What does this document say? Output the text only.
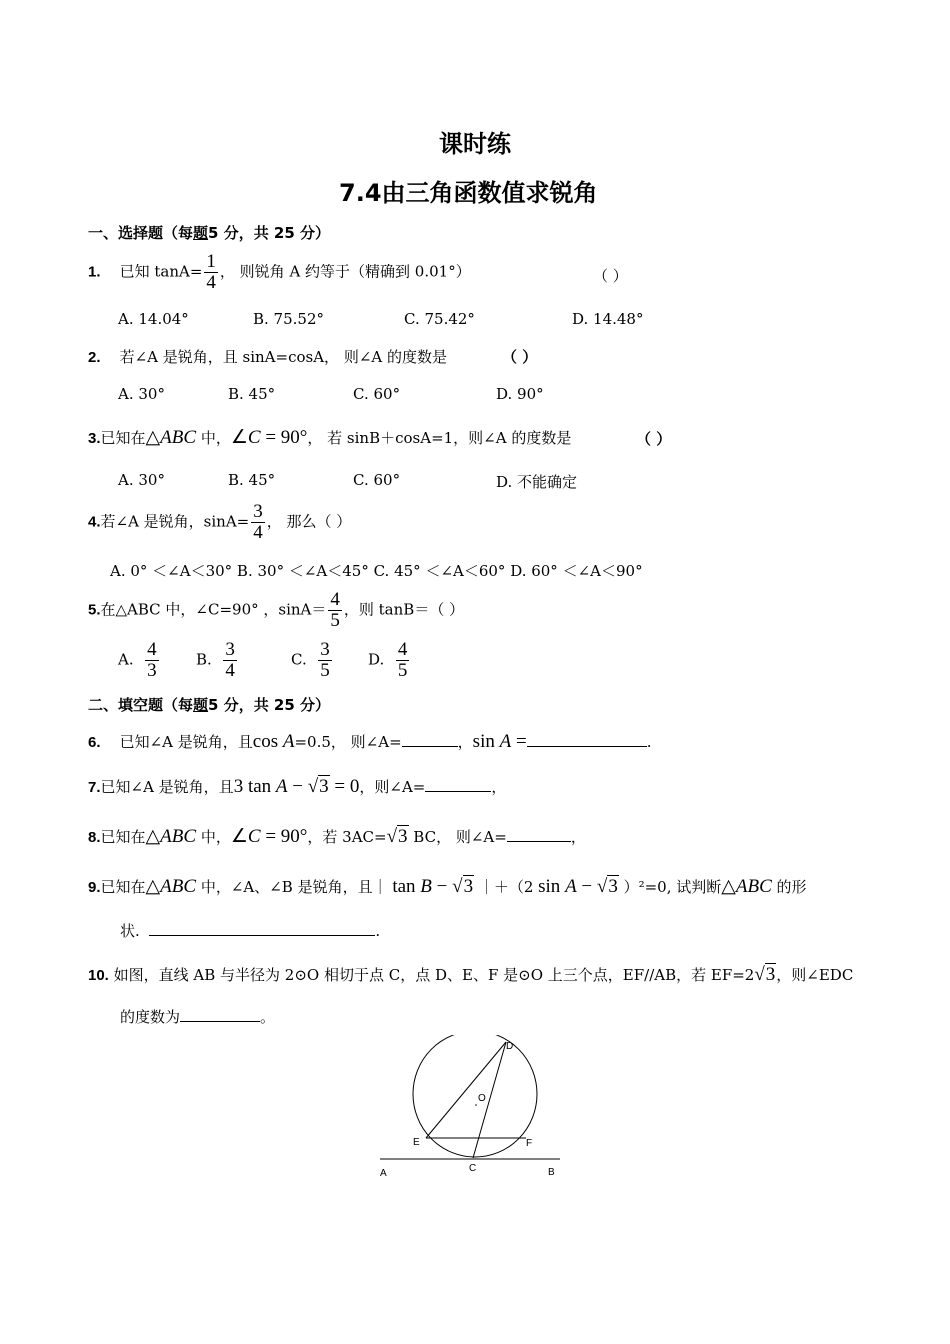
课时练
7.4由三角函数值求锐角
一、选择题（每题5 分，共 25 分）
1. 已知 $\tan A= \frac{1}{4}$ ， 则锐角 A 约等于（精确到 0.01°）	（ ）
A. 14.04°	B. 75.52°	C. 75.42°	D. 14.48°
2. 若∠A 是锐角，且 sinA=cosA， 则∠A 的度数是	（ ）
A. 30°	B. 45°	C. 60°	D. 90°
3.已知在△ABC 中，∠C = 90°， 若 sinB＋cosA=1，则∠A 的度数是	（ ）
A. 30°	B. 45°	C. 60°	D. 不能确定
4.若∠A 是锐角，$\sin A= \frac{3}{4}$ ， 那么（ ）
A. 0° ＜∠A＜30° B. 30° ＜∠A＜45° C. 45° ＜∠A＜60° D. 60° ＜∠A＜90°
5.在△ABC 中，∠C=90° ，$\sin A= \frac{4}{5}$ ，则 tanB＝（ ）
A. $\frac{4}{3} B$. $\frac{3}{4}$	C. $\frac{3}{5} D$. $\frac{4}{5}$
二、填空题（每题5 分，共 25 分）
6. 已知∠A 是锐角，且cos A=0.5， 则∠A=	，sin A =	.
7.已知∠A 是锐角，且3 tan A − √3 = 0，则∠A=	，
8.已知在△ABC 中，∠C = 90°，若 3AC=√3 BC， 则∠A=	，
9.已知在△ABC 中，∠A、∠B 是锐角，且｜ tan B − √3 ｜＋（2 sin A − √3 ）²=0, 试判断△ABC 的形
状.	.
10. 如图，直线 AB 与半径为 2⊙O 相切于点 C，点 D、E、F 是⊙O 上三个点，EF//AB，若 EF=2√3，则∠EDC
的度数为	。
D
O
E	F
A	C	B
